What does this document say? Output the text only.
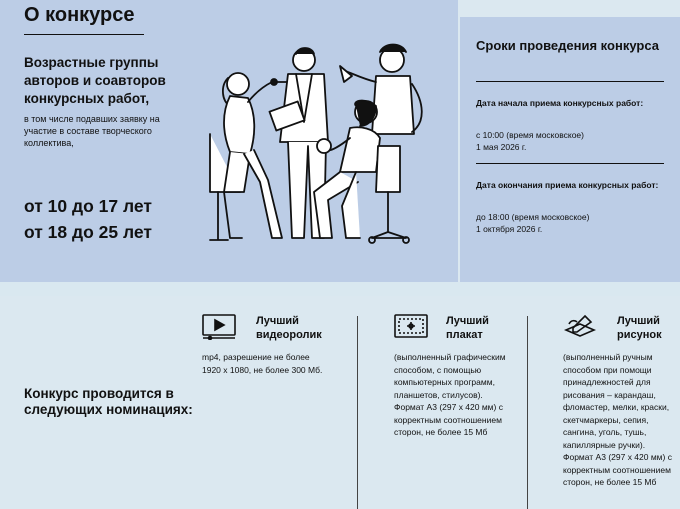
О конкурсе
Возрастные группы авторов и соавторов конкурсных работ,
в том числе подавших заявку на участие в составе творческого коллектива,
от 10 до 17 лет
от 18 до 25 лет
Сроки проведения конкурса
Дата начала приема конкурсных работ:
с 10:00 (время московское)
1 мая 2026 г.
Дата окончания приема конкурсных работ:
до 18:00 (время московское)
1 октября 2026 г.
Конкурс проводится в следующих номинациях:
Лучший видеоролик
mp4, разрешение не более 1920 х 1080, не более 300 Мб.
Лучший плакат
(выполненный графическим способом, с помощью компьютерных программ, планшетов, стилусов).
Формат А3 (297 х 420 мм) с корректным соотношением сторон, не более 15 Мб
Лучший рисунок
(выполненный ручным способом при помощи принадлежностей для рисования – карандаш, фломастер, мелки, краски, скетчмаркеры, сепия, сангина, уголь, тушь, капиллярные ручки).
Формат А3 (297 х 420 мм) с корректным соотношением сторон, не более 15 Мб
